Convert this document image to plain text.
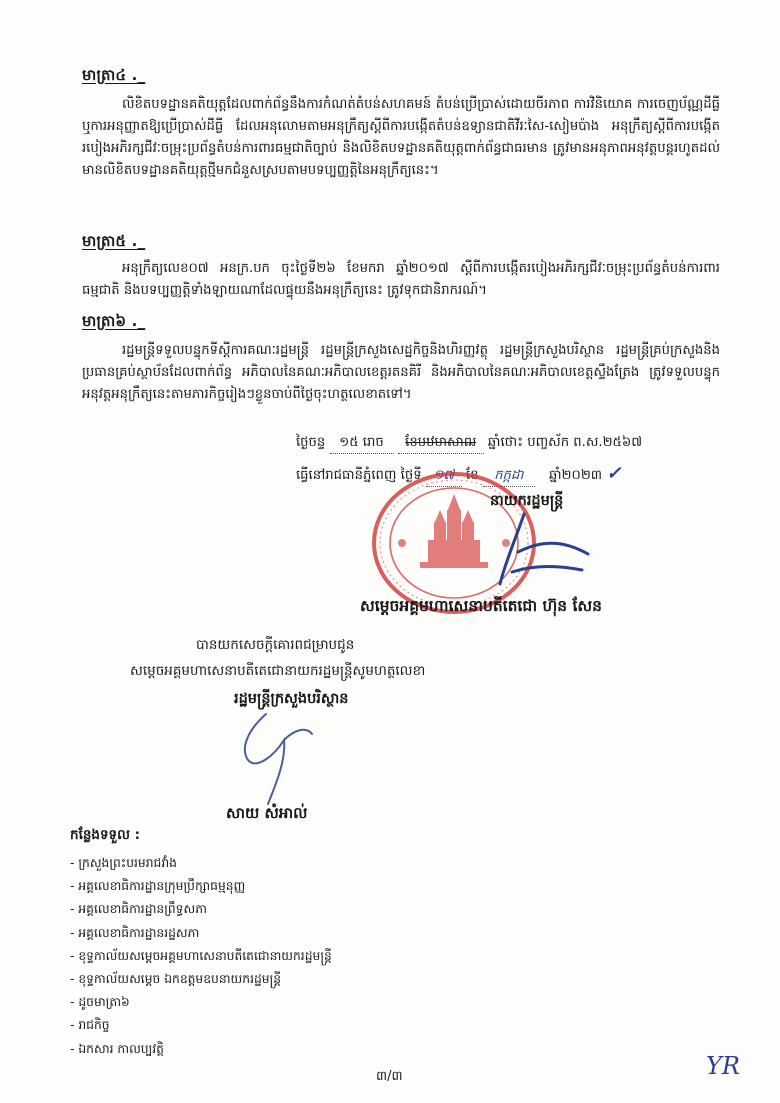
មាត្រា៤ ._
លិខិតបទដ្ឋានគតិយុត្តដែលពាក់ព័ន្ធនឹងការកំណត់តំបន់សហគមន៍ តំបន់ប្រើប្រាស់ដោយចីរភាព ការវិនិយោគ ការចេញប័ណ្ណដីធ្លី ឬការអនុញ្ញាតឱ្យប្រើប្រាស់ដីធ្លី ដែលអនុលោមតាមអនុក្រឹត្យស្តីពីការបង្កើតតំបន់ឧទ្យានជាតិវីរៈសៃ-សៀមប៉ាង អនុក្រឹត្យស្តីពីការបង្កើតរបៀងអភិរក្សជីវៈចម្រុះប្រព័ន្ធតំបន់ការពារធម្មជាតិច្បាប់ និងលិខិតបទដ្ឋានគតិយុត្តពាក់ព័ន្ធជាធរមាន ត្រូវមានអនុភាពអនុវត្តបន្តរហូតដល់មានលិខិតបទដ្ឋានគតិយុត្តថ្មីមកជំនួសស្របតាមបទប្បញ្ញត្តិនៃអនុក្រឹត្យនេះ។
មាត្រា៥ ._
អនុក្រឹត្យលេខ០៧ អនក្រ.បក ចុះថ្ងៃទី២៦ ខែមករា ឆ្នាំ២០១៧ ស្តីពីការបង្កើតរបៀងអភិរក្សជីវៈចម្រុះប្រព័ន្ធតំបន់ការពារធម្មជាតិ និងបទប្បញ្ញត្តិទាំងឡាយណាដែលផ្ទុយនឹងអនុក្រឹត្យនេះ ត្រូវទុកជានិរាករណ៍។
មាត្រា៦ ._
រដ្ឋមន្ត្រីទទួលបន្ទុកទីស្តីការគណៈរដ្ឋមន្ត្រី រដ្ឋមន្ត្រីក្រសួងសេដ្ឋកិច្ចនិងហិរញ្ញវត្ថុ រដ្ឋមន្ត្រីក្រសួងបរិស្ថាន រដ្ឋមន្ត្រីគ្រប់ក្រសួងនិងប្រធានគ្រប់ស្ថាប័នដែលពាក់ព័ន្ធ អភិបាលនៃគណៈអភិបាលខេត្តរតនគិរី និងអភិបាលនៃគណៈអភិបាលខេត្តស្ទឹងត្រែង ត្រូវទទួលបន្ទុកអនុវត្តអនុក្រឹត្យនេះតាមភារកិច្ចរៀងៗខ្លួនចាប់ពីថ្ងៃចុះហត្ថលេខាតទៅ។
ថ្ងៃចន្ទ ១៥ រោច ខែបឋមាសាឍ ឆ្នាំថោះ បញ្ចស័ក ព.ស.២៥៦៧
ធ្វើនៅរាជធានីភ្នំពេញ ថ្ងៃទី ១៧ ខែ កក្កដា ឆ្នាំ២០២៣ ✓
នាយករដ្ឋមន្ត្រី
សម្តេចអគ្គមហាសេនាបតីតេជោ ហ៊ុន សែន
បានយកសេចក្តីគោរពជម្រាបជូន
សម្តេចអគ្គមហាសេនាបតីតេជោនាយករដ្ឋមន្ត្រីសូមហត្ថលេខា
រដ្ឋមន្ត្រីក្រសួងបរិស្ថាន
សាយ សំអាល់
កន្លែងទទួល :
- ក្រសួងព្រះបរមរាជវាំង
- អគ្គលេខាធិការដ្ឋានក្រុមប្រឹក្សាធម្មនុញ្ញ
- អគ្គលេខាធិការដ្ឋានព្រឹទ្ធសភា
- អគ្គលេខាធិការដ្ឋានរដ្ឋសភា
- ខុទ្ទកាល័យសម្តេចអគ្គមហាសេនាបតីតេជោនាយករដ្ឋមន្ត្រី
- ខុទ្ទកាល័យសម្តេច ឯកឧត្តមឧបនាយករដ្ឋមន្ត្រី
- ដូចមាត្រា៦
- រាជកិច្ច
- ឯកសារ កាលប្បវត្តិ
៣/៣	YR
